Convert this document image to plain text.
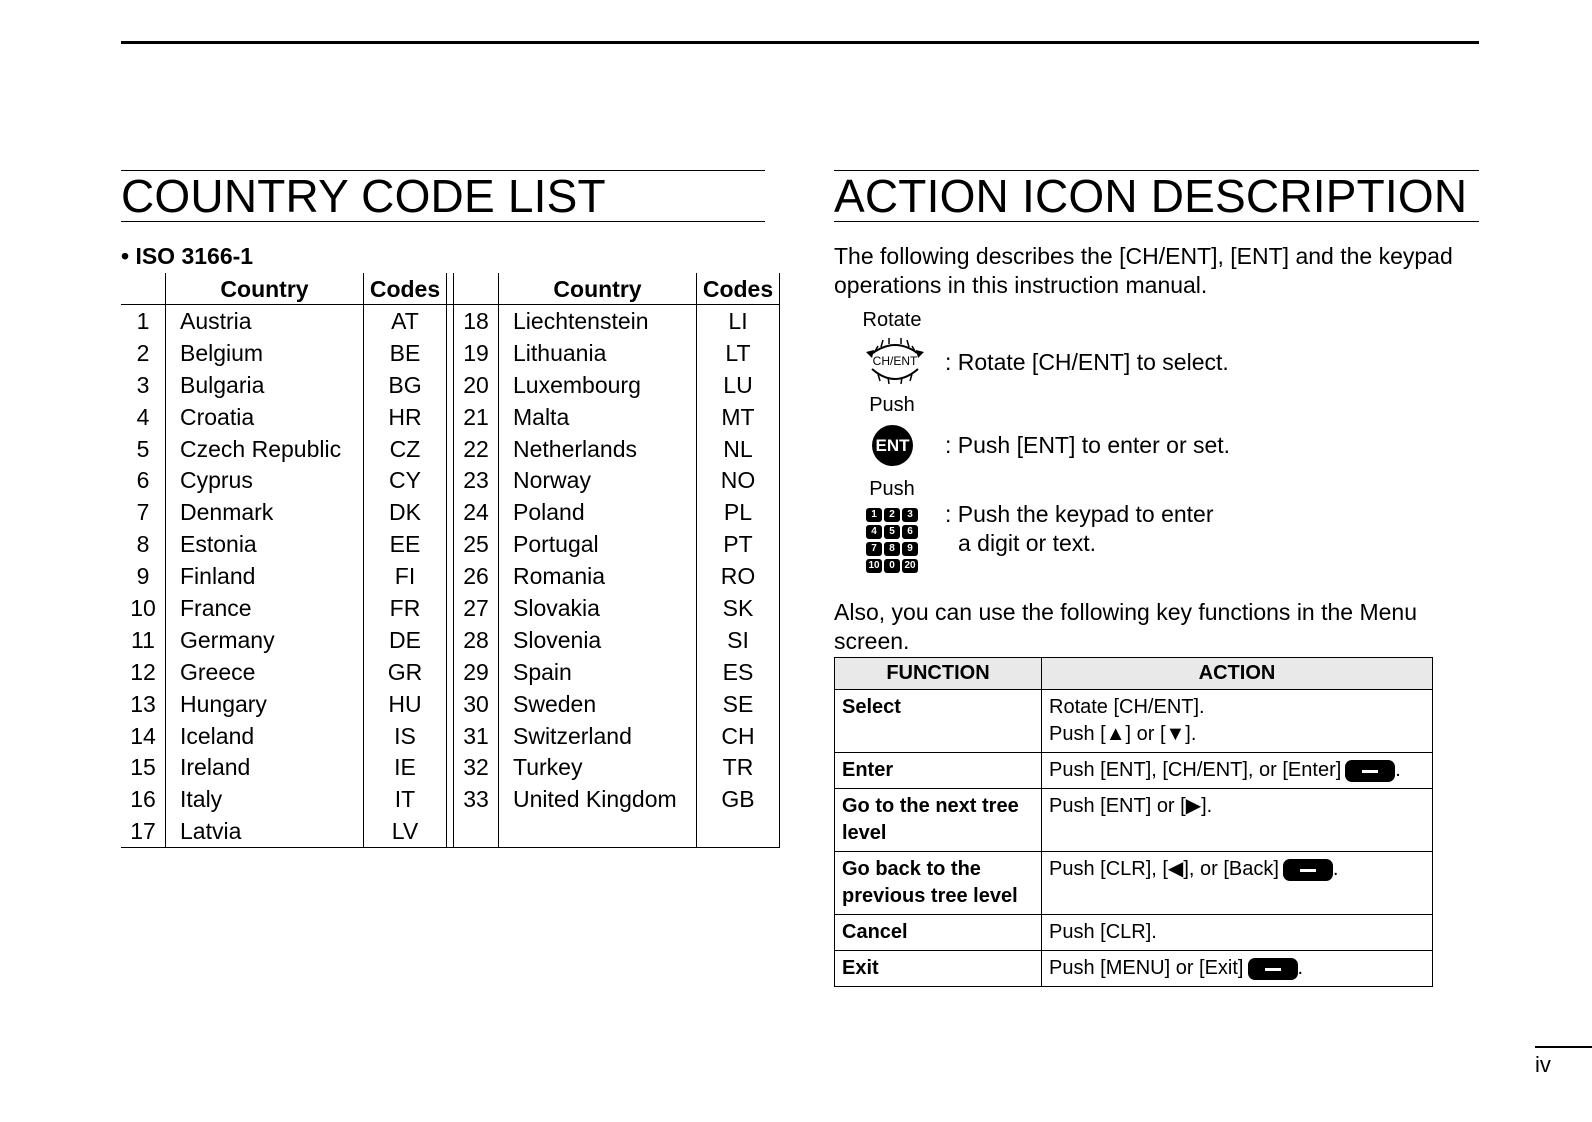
COUNTRY CODE LIST
• ISO 3166-1
	Country	Codes			Country	Codes
1	Austria	AT		18	Liechtenstein	LI
2	Belgium	BE		19	Lithuania	LT
3	Bulgaria	BG		20	Luxembourg	LU
4	Croatia	HR		21	Malta	MT
5	Czech Republic	CZ		22	Netherlands	NL
6	Cyprus	CY		23	Norway	NO
7	Denmark	DK		24	Poland	PL
8	Estonia	EE		25	Portugal	PT
9	Finland	FI		26	Romania	RO
10	France	FR		27	Slovakia	SK
11	Germany	DE		28	Slovenia	SI
12	Greece	GR		29	Spain	ES
13	Hungary	HU		30	Sweden	SE
14	Iceland	IS		31	Switzerland	CH
15	Ireland	IE		32	Turkey	TR
16	Italy	IT		33	United Kingdom	GB
17	Latvia	LV				
ACTION ICON DESCRIPTION
The following describes the [CH/ENT], [ENT] and the keypad operations in this instruction manual.
Rotate
CH/ENT : Rotate [CH/ENT] to select.
Push
ENT : Push [ENT] to enter or set.
Push
1	2	3
4	5	6
7	8	9
10 0 20
: Push the keypad to enter
a digit or text.
Also, you can use the following key functions in the Menu screen.
FUNCTION	ACTION
Select	Rotate [CH/ENT].
Push [▲] or [▼].
Enter	Push [ENT], [CH/ENT], or [Enter] .
Go to the next tree level	Push [ENT] or [▶].
Go back to the previous tree level	Push [CLR], [◀], or [Back] .
Cancel	Push [CLR].
Exit	Push [MENU] or [Exit] .
iv
